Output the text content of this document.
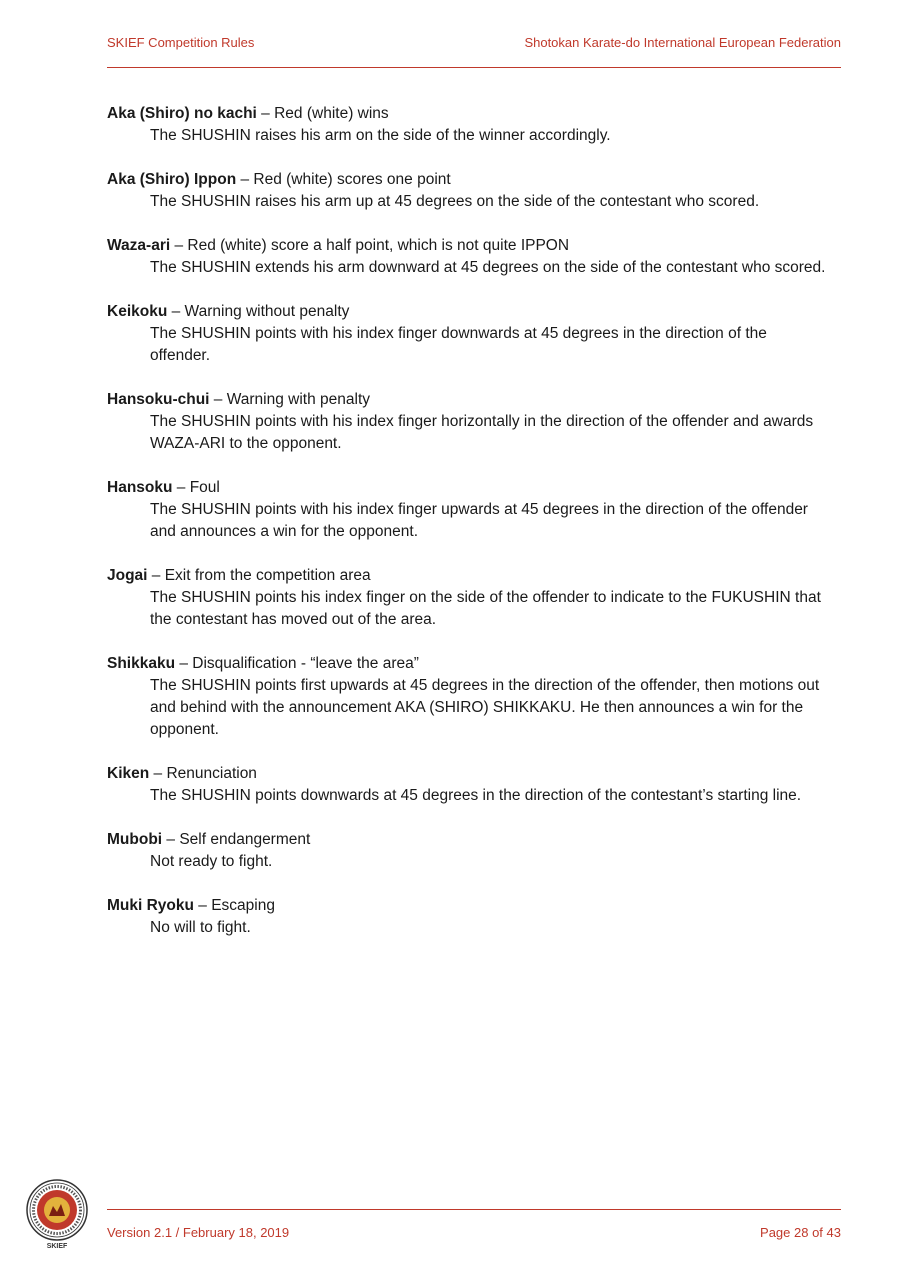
SKIEF Competition Rules	Shotokan Karate-do International European Federation
Aka (Shiro) no kachi – Red (white) wins
The SHUSHIN raises his arm on the side of the winner accordingly.
Aka (Shiro) Ippon – Red (white) scores one point
The SHUSHIN raises his arm up at 45 degrees on the side of the contestant who scored.
Waza-ari – Red (white) score a half point, which is not quite IPPON
The SHUSHIN extends his arm downward at 45 degrees on the side of the contestant who scored.
Keikoku – Warning without penalty
The SHUSHIN points with his index finger downwards at 45 degrees in the direction of the offender.
Hansoku-chui – Warning with penalty
The SHUSHIN points with his index finger horizontally in the direction of the offender and awards WAZA-ARI to the opponent.
Hansoku – Foul
The SHUSHIN points with his index finger upwards at 45 degrees in the direction of the offender and announces a win for the opponent.
Jogai – Exit from the competition area
The SHUSHIN points his index finger on the side of the offender to indicate to the FUKUSHIN that the contestant has moved out of the area.
Shikkaku – Disqualification - “leave the area”
The SHUSHIN points first upwards at 45 degrees in the direction of the offender, then motions out and behind with the announcement AKA (SHIRO) SHIKKAKU. He then announces a win for the opponent.
Kiken – Renunciation
The SHUSHIN points downwards at 45 degrees in the direction of the contestant’s starting line.
Mubobi – Self endangerment
Not ready to fight.
Muki Ryoku – Escaping
No will to fight.
SKIEF
Version 2.1 / February 18, 2019	Page 28 of 43
